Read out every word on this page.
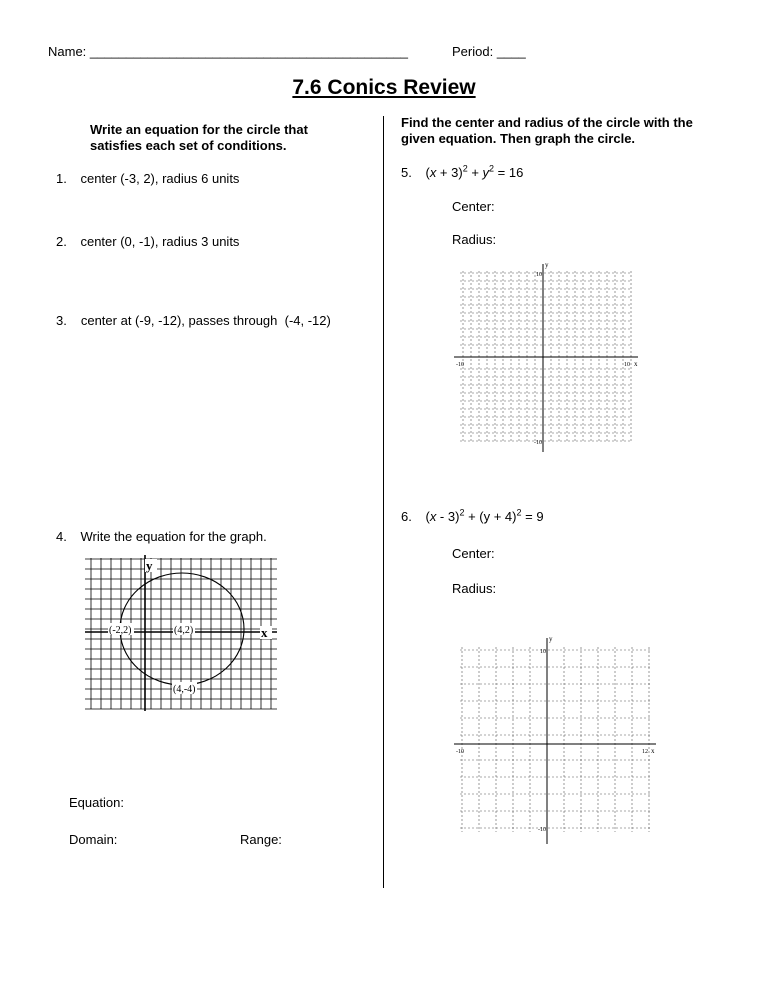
Name: ____________________________________________	Period: ____
7.6 Conics Review
Write an equation for the circle that satisfies each set of conditions.
1. center (-3, 2), radius 6 units
2. center (0, -1), radius 3 units
3. center at (-9, -12), passes through  (-4, -12)
4. Write the equation for the graph.
y
x
(-2,2)	(4,2)
(4,-4)
Equation:
Domain:	Range:
Find the center and radius of the circle with the given equation. Then graph the circle.
5. $(x + 3)^2 + y^2 = 16$
Center:
Radius:
y
x
10
-10
-10	10
6. $(x - 3)^2 + (y + 4)^2 = 9$
Center:
Radius:
y
x
10
-10
-10	12
